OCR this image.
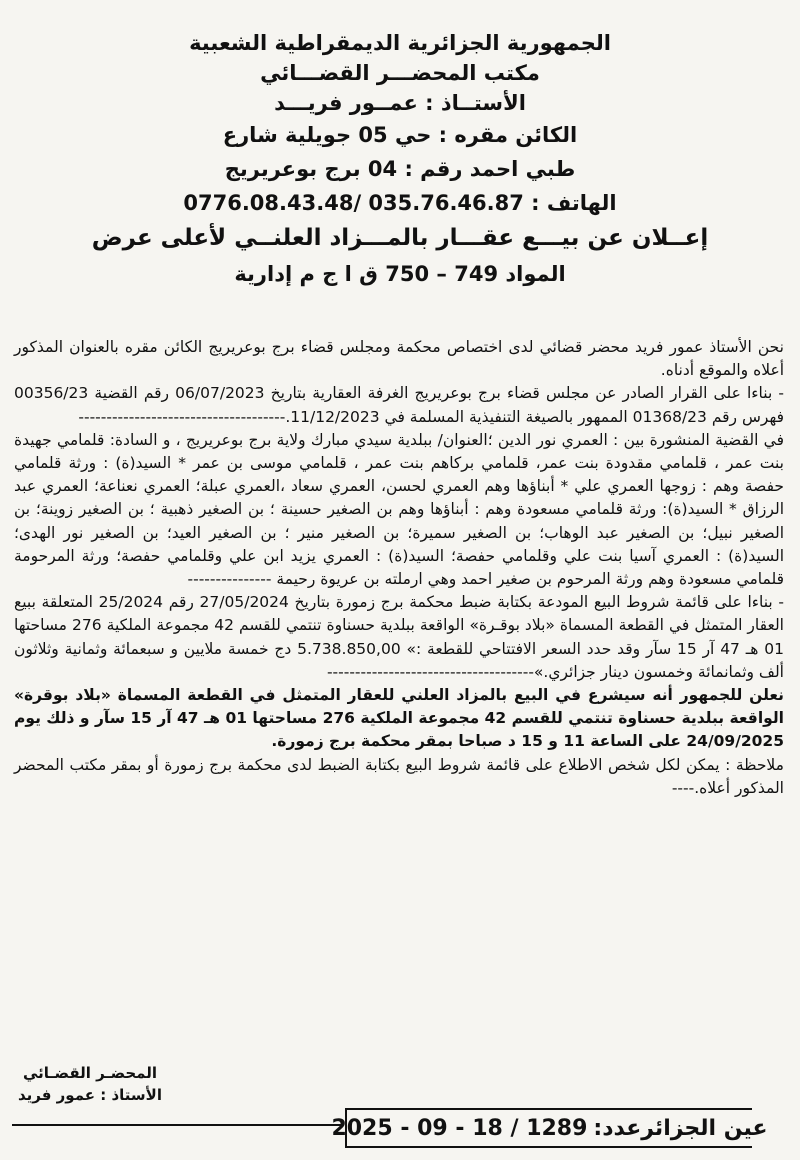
الجمهورية الجزائرية الديمقراطية الشعبية
مكتب المحضـــر القضـــائي
الأستــاذ : عمــور فريـــد
الكائن مقره : حي 05 جويلية شارع
طبي احمد رقم : 04 برج بوعريريج
الهاتف : 035.76.46.87 /0776.08.43.48
إعــلان عن بيـــع عقـــار بالمـــزاد العلنــي لأعلى عرض
المواد 749 – 750 ق ا ج م إدارية

نحن الأستاذ عمور فريد محضر قضائي لدى اختصاص محكمة ومجلس قضاء برج بوعريريج الكائن مقره بالعنوان المذكور أعلاه والموقع أدناه.

- بناءا على القرار الصادر عن مجلس قضاء برج بوعريريج الغرفة العقارية بتاريخ 06/07/2023 رقم القضية 00356/23 فهرس رقم 01368/23 الممهور بالصيغة التنفيذية المسلمة في 11/12/2023.-------------------------------------

في القضية المنشورة بين : العمري نور الدين ؛العنوان/ ببلدية سيدي مبارك ولاية برج بوعريريج ، و السادة: قلمامي جهيدة بنت عمر ، قلمامي مقدودة بنت عمر، قلمامي بركاهم بنت عمر ، قلمامي موسى بن عمر * السيد(ة) : ورثة قلمامي حفصة وهم : زوجها العمري علي * أبناؤها وهم العمري لحسن، العمري سعاد ،العمري عبلة؛ العمري نعناعة؛ العمري عبد الرزاق * السيد(ة): ورثة قلمامي مسعودة وهم : أبناؤها وهم بن الصغير حسينة ؛ بن الصغير ذهبية ؛ بن الصغير زوينة؛ بن الصغير نبيل؛ بن الصغير عبد الوهاب؛ بن الصغير سميرة؛ بن الصغير منير ؛ بن الصغير العيد؛ بن الصغير نور الهدى؛ السيد(ة) : العمري آسيا بنت علي وقلمامي حفصة؛ السيد(ة) : العمري يزيد ابن علي وقلمامي حفصة؛ ورثة المرحومة قلمامي مسعودة وهم ورثة المرحوم بن صغير احمد وهي ارملته بن عريوة رحيمة ---------------

- بناءا على قائمة شروط البيع المودعة بكتابة ضبط محكمة برج زمورة بتاريخ 27/05/2024 رقم 25/2024 المتعلقة ببيع العقار المتمثل في القطعة المسماة «بلاد بوقـرة» الواقعة ببلدية حسناوة تنتمي للقسم 42 مجموعة الملكية 276 مساحتها 01 هـ 47 آر 15 سآر وقد حدد السعر الافتتاحي للقطعة :» 5.738.850,00 دج خمسة ملايين و سبعمائة وثمانية وثلاثون ألف وثمانمائة وخمسون دينار جزائري.»-------------------------------------

نعلن للجمهور أنه سيشرع في البيع بالمزاد العلني للعقار المتمثل في القطعة المسماة «بلاد بوقرة» الواقعة ببلدية حسناوة تنتمي للقسم 42 مجموعة الملكية 276 مساحتها 01 هـ 47 آر 15 سآر و ذلك يوم 24/09/2025 على الساعة 11 و 15 د صباحا بمقر محكمة برج زمورة.

ملاحظة : يمكن لكل شخص الاطلاع على قائمة شروط البيع بكتابة الضبط لدى محكمة برج زمورة أو بمقر مكتب المحضر المذكور أعلاه.----

المحضـر القضـائي
الأستاذ : عمور فريد
عين الجزائرعدد:
1289 / 18 - 09 - 2025
